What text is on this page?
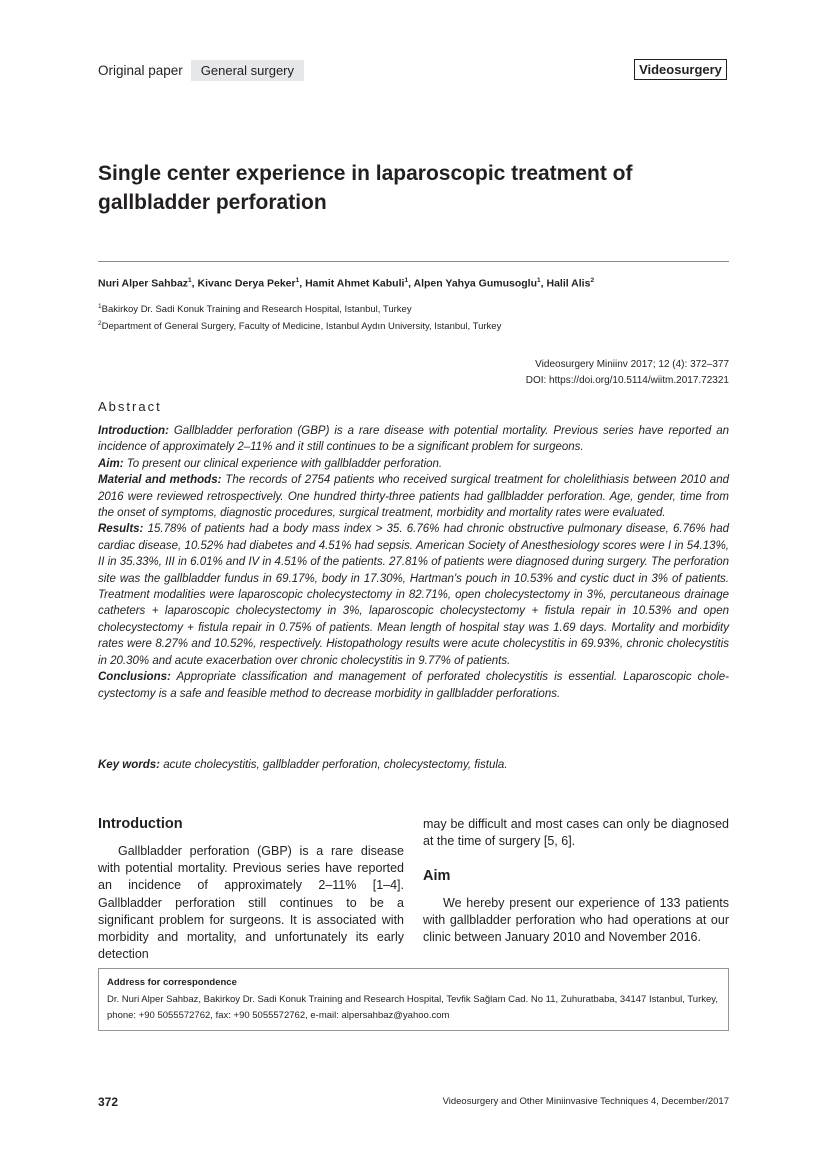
Original paper	General surgery	Videosurgery
Single center experience in laparoscopic treatment of gallbladder perforation
Nuri Alper Sahbaz$^1$, Kivanc Derya Peker$^1$, Hamit Ahmet Kabuli$^1$, Alpen Yahya Gumusoglu$^1$, Halil Alis$^2$
$^1$Bakirkoy Dr. Sadi Konuk Training and Research Hospital, Istanbul, Turkey
$^2$Department of General Surgery, Faculty of Medicine, Istanbul Aydın University, Istanbul, Turkey
Videosurgery Miniinv 2017; 12 (4): 372–377
DOI: https://doi.org/10.5114/wiitm.2017.72321
Abstract

Introduction: Gallbladder perforation (GBP) is a rare disease with potential mortality. Previous series have reported an incidence of approximately 2–11% and it still continues to be a significant problem for surgeons.

Aim: To present our clinical experience with gallbladder perforation.

Material and methods: The records of 2754 patients who received surgical treatment for cholelithiasis between 2010 and 2016 were reviewed retrospectively. One hundred thirty-three patients had gallbladder perforation. Age, gender, time from the onset of symptoms, diagnostic procedures, surgical treatment, morbidity and mortality rates were evaluated.

Results: 15.78% of patients had a body mass index > 35. 6.76% had chronic obstructive pulmonary disease, 6.76% had cardiac disease, 10.52% had diabetes and 4.51% had sepsis. American Society of Anesthesiology scores were I in 54.13%, II in 35.33%, III in 6.01% and IV in 4.51% of the patients. 27.81% of patients were diagnosed during surgery. The perforation site was the gallbladder fundus in 69.17%, body in 17.30%, Hartman's pouch in 10.53% and cystic duct in 3% of patients. Treatment modalities were laparoscopic cholecystectomy in 82.71%, open cholecystectomy in 3%, percutaneous drainage catheters + laparoscopic cholecystectomy in 3%, laparoscopic cholecystectomy + fistula repair in 10.53% and open cholecystectomy + fistula repair in 0.75% of patients. Mean length of hospital stay was 1.69 days. Mortality and morbidity rates were 8.27% and 10.52%, respectively. Histopathology results were acute cholecystitis in 69.93%, chronic cholecystitis in 20.30% and acute exacerbation over chronic cholecystitis in 9.77% of patients.

Conclusions: Appropriate classification and management of perforated cholecystitis is essential. Laparoscopic chole-cystectomy is a safe and feasible method to decrease morbidity in gallbladder perforations.

Key words: acute cholecystitis, gallbladder perforation, cholecystectomy, fistula.
Introduction
Gallbladder perforation (GBP) is a rare disease with potential mortality. Previous series have reported an incidence of approximately 2–11% [1–4]. Gallbladder perforation still continues to be a significant problem for surgeons. It is associated with morbidity and mortality, and unfortunately its early detection
may be difficult and most cases can only be diagnosed at the time of surgery [5, 6].
Aim
We hereby present our experience of 133 patients with gallbladder perforation who had operations at our clinic between January 2010 and November 2016.
Address for correspondence
Dr. Nuri Alper Sahbaz, Bakirkoy Dr. Sadi Konuk Training and Research Hospital, Tevfik Sağlam Cad. No 11, Zuhuratbaba, 34147 Istanbul, Turkey, phone: +90 5055572762, fax: +90 5055572762, e-mail: alpersahbaz@yahoo.com
372	Videosurgery and Other Miniinvasive Techniques 4, December/2017
